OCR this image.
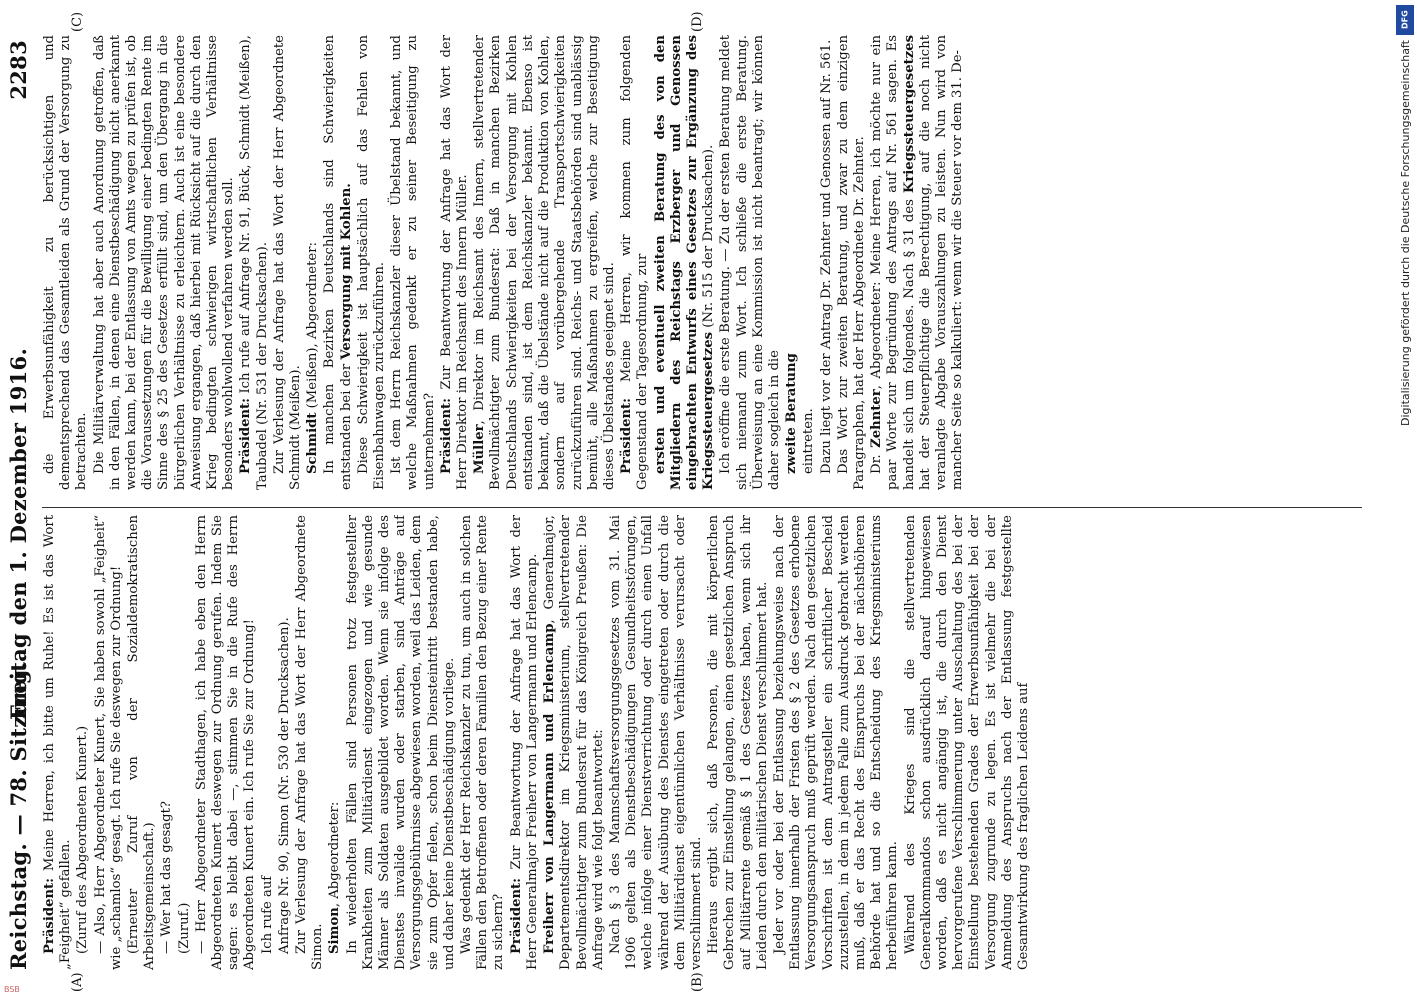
Reichstag. — 78. Sitzung.
Freitag den 1. Dezember 1916.
2283
(A)	(B)
(C)	(D)

Präsident: Meine Herren, ich bitte um Ruhe! Es ist das Wort „Feigheit“ gefallen. (Zuruf des Abgeordneten Kunert.) — Also, Herr Abgeordneter Kunert, Sie haben sowohl „Feigheit“ wie „schamlos“ gesagt. Ich rufe Sie deswegen zur Ordnung! (Erneuter Zuruf von der Sozialdemokratischen Arbeitsgemeinschaft.) — Wer hat das gesagt? (Zuruf.) — Herr Abgeordneter Stadthagen, ich habe eben den Herrn Abgeordneten Kunert deswegen zur Ordnung gerufen. Indem Sie sagen: es bleibt dabei —, stimmen Sie in die Rufe des Herrn Abgeordneten Kunert ein. Ich rufe Sie zur Ordnung! Ich rufe auf Anfrage Nr. 90, Simon (Nr. 530 der Drucksachen). Zur Verlesung der Anfrage hat das Wort der Herr Abgeordnete Simon. Simon, Abgeordneter: In wiederholten Fällen sind Personen trotz festgestellter Krankheiten zum Militärdienst eingezogen und wie gesunde Männer als Soldaten ausgebildet worden. Wenn sie infolge des Dienstes invalide wurden oder starben, sind Anträge auf Versorgungsgebührnisse abgewiesen worden, weil das Leiden, dem sie zum Opfer fielen, schon beim Diensteintritt bestanden habe, und daher keine Dienstbeschädigung vorliege. Was gedenkt der Herr Reichskanzler zu tun, um auch in solchen Fällen den Betroffenen oder deren Familien den Bezug einer Rente zu sichern? Präsident: Zur Beantwortung der Anfrage hat das Wort der Herr Generalmajor Freiherr von Langermann und Erlencamp. Freiherr von Langermann und Erlencamp, Generalmajor, Departementsdirektor im Kriegsministerium, stellvertretender Bevollmächtigter zum Bundesrat für das Königreich Preußen: Die Anfrage wird wie folgt beantwortet: Nach § 3 des Mannschaftsversorgungsgesetzes vom 31. Mai 1906 gelten als Dienstbeschädigungen Gesundheitsstörungen, welche infolge einer Dienstverrichtung oder durch einen Unfall während der Ausübung des Dienstes eingetreten oder durch die dem Militärdienst eigentümlichen Verhältnisse verursacht oder verschlimmert sind. Hieraus ergibt sich, daß Personen, die mit körperlichen Gebrechen zur Einstellung gelangen, einen gesetzlichen Anspruch auf Militärrente gemäß § 1 des Gesetzes haben, wenn sich ihr Leiden durch den militärischen Dienst verschlimmert hat. Jeder vor oder bei der Entlassung beziehungsweise nach der Entlassung innerhalb der Fristen des § 2 des Gesetzes erhobene Versorgungsanspruch muß geprüft werden. Nach den gesetzlichen Vorschriften ist dem Antragsteller ein schriftlicher Bescheid zuzustellen, in dem in jedem Falle zum Ausdruck gebracht werden muß, daß er das Recht des Einspruchs bei der nächsthöheren Behörde hat und so die Entscheidung des Kriegsministeriums herbeiführen kann. Während des Krieges sind die stellvertretenden Generalkommandos schon ausdrücklich darauf hingewiesen worden, daß es nicht angängig ist, die durch den Dienst hervorgerufene Verschlimmerung unter Ausschaltung des bei der Einstellung bestehenden Grades der Erwerbsunfähigkeit bei der Versorgung zugrunde zu legen. Es ist vielmehr die bei der Anmeldung des Anspruchs nach der Entlassung festgestellte Gesamtwirkung des fraglichen Leidens auf

die Erwerbsunfähigkeit zu berücksichtigen und dementsprechend das Gesamtleiden als Grund der Versorgung zu betrachten. Die Militärverwaltung hat aber auch Anordnung getroffen, daß in den Fällen, in denen eine Dienstbeschädigung nicht anerkannt werden kann, bei der Entlassung von Amts wegen zu prüfen ist, ob die Voraussetzungen für die Bewilligung einer bedingten Rente im Sinne des § 25 des Gesetzes erfüllt sind, um den Übergang in die bürgerlichen Verhältnisse zu erleichtern. Auch ist eine besondere Anweisung ergangen, daß hierbei mit Rücksicht auf die durch den Krieg bedingten schwierigen wirtschaftlichen Verhältnisse besonders wohlwollend verfahren werden soll. Präsident: Ich rufe auf Anfrage Nr. 91, Bück, Schmidt (Meißen), Taubadel (Nr. 531 der Drucksachen). Zur Verlesung der Anfrage hat das Wort der Herr Abgeordnete Schmidt (Meißen). Schmidt (Meißen), Abgeordneter: In manchen Bezirken Deutschlands sind Schwierigkeiten entstanden bei der Versorgung mit Kohlen. Diese Schwierigkeit ist hauptsächlich auf das Fehlen von Eisenbahnwagen zurückzuführen. Ist dem Herrn Reichskanzler dieser Übelstand bekannt, und welche Maßnahmen gedenkt er zu seiner Beseitigung zu unternehmen? Präsident: Zur Beantwortung der Anfrage hat das Wort der Herr Direktor im Reichsamt des Innern Müller. Müller, Direktor im Reichsamt des Innern, stellvertretender Bevollmächtigter zum Bundesrat: Daß in manchen Bezirken Deutschlands Schwierigkeiten bei der Versorgung mit Kohlen entstanden sind, ist dem Reichskanzler bekannt. Ebenso ist bekannt, daß die Übelstände nicht auf die Produktion von Kohlen, sondern auf vorübergehende Transportschwierigkeiten zurückzuführen sind. Reichs- und Staatsbehörden sind unablässig bemüht, alle Maßnahmen zu ergreifen, welche zur Beseitigung dieses Übelstandes geeignet sind. Präsident: Meine Herren, wir kommen zum folgenden Gegenstand der Tagesordnung, zur ersten und eventuell zweiten Beratung des von den Mitgliedern des Reichstags Erzberger und Genossen eingebrachten Entwurfs eines Gesetzes zur Ergänzung des Kriegssteuergesetzes (Nr. 515 der Drucksachen). Ich eröffne die erste Beratung. — Zu der ersten Beratung meldet sich niemand zum Wort. Ich schließe die erste Beratung. Überweisung an eine Kommission ist nicht beantragt; wir können daher sogleich in die zweite Beratung eintreten. Dazu liegt vor der Antrag Dr. Zehnter und Genossen auf Nr. 561. Das Wort zur zweiten Beratung, und zwar zu dem einzigen Paragraphen, hat der Herr Abgeordnete Dr. Zehnter. Dr. Zehnter, Abgeordneter: Meine Herren, ich möchte nur ein paar Worte zur Begründung des Antrags auf Nr. 561 sagen. Es handelt sich um folgendes. Nach § 31 des Kriegssteuergesetzes hat der Steuerpflichtige die Berechtigung, auf die noch nicht veranlagte Abgabe Vorauszahlungen zu leisten. Nun wird von mancher Seite so kalkuliert: wenn wir die Steuer vor dem 31. De-

BSB
DFG
Digitalisierung gefördert durch die Deutsche Forschungsgemeinschaft
